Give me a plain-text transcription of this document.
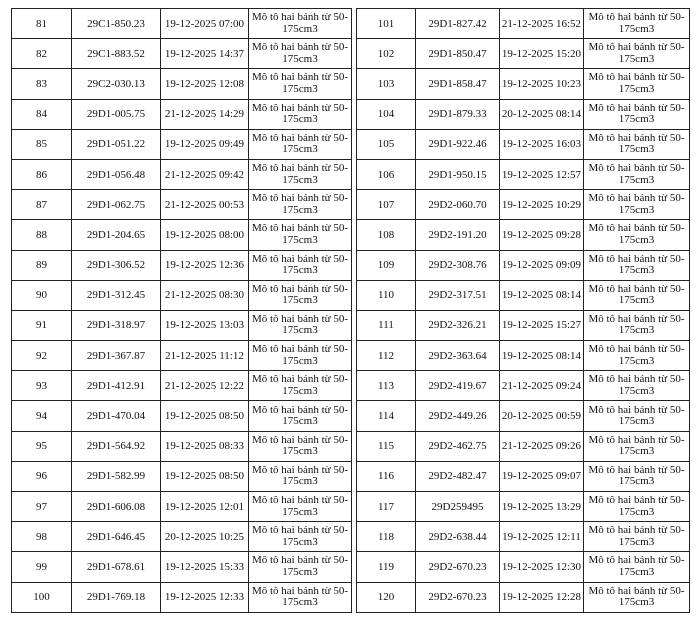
81	29C1-850.23	19-12-2025 07:00	Mô tô hai bánh từ 50-175cm3
82	29C1-883.52	19-12-2025 14:37	Mô tô hai bánh từ 50-175cm3
83	29C2-030.13	19-12-2025 12:08	Mô tô hai bánh từ 50-175cm3
84	29D1-005.75	21-12-2025 14:29	Mô tô hai bánh từ 50-175cm3
85	29D1-051.22	19-12-2025 09:49	Mô tô hai bánh từ 50-175cm3
86	29D1-056.48	21-12-2025 09:42	Mô tô hai bánh từ 50-175cm3
87	29D1-062.75	21-12-2025 00:53	Mô tô hai bánh từ 50-175cm3
88	29D1-204.65	19-12-2025 08:00	Mô tô hai bánh từ 50-175cm3
89	29D1-306.52	19-12-2025 12:36	Mô tô hai bánh từ 50-175cm3
90	29D1-312.45	21-12-2025 08:30	Mô tô hai bánh từ 50-175cm3
91	29D1-318.97	19-12-2025 13:03	Mô tô hai bánh từ 50-175cm3
92	29D1-367.87	21-12-2025 11:12	Mô tô hai bánh từ 50-175cm3
93	29D1-412.91	21-12-2025 12:22	Mô tô hai bánh từ 50-175cm3
94	29D1-470.04	19-12-2025 08:50	Mô tô hai bánh từ 50-175cm3
95	29D1-564.92	19-12-2025 08:33	Mô tô hai bánh từ 50-175cm3
96	29D1-582.99	19-12-2025 08:50	Mô tô hai bánh từ 50-175cm3
97	29D1-606.08	19-12-2025 12:01	Mô tô hai bánh từ 50-175cm3
98	29D1-646.45	20-12-2025 10:25	Mô tô hai bánh từ 50-175cm3
99	29D1-678.61	19-12-2025 15:33	Mô tô hai bánh từ 50-175cm3
100	29D1-769.18	19-12-2025 12:33	Mô tô hai bánh từ 50-175cm3
101	29D1-827.42	21-12-2025 16:52	Mô tô hai bánh từ 50-175cm3
102	29D1-850.47	19-12-2025 15:20	Mô tô hai bánh từ 50-175cm3
103	29D1-858.47	19-12-2025 10:23	Mô tô hai bánh từ 50-175cm3
104	29D1-879.33	20-12-2025 08:14	Mô tô hai bánh từ 50-175cm3
105	29D1-922.46	19-12-2025 16:03	Mô tô hai bánh từ 50-175cm3
106	29D1-950.15	19-12-2025 12:57	Mô tô hai bánh từ 50-175cm3
107	29D2-060.70	19-12-2025 10:29	Mô tô hai bánh từ 50-175cm3
108	29D2-191.20	19-12-2025 09:28	Mô tô hai bánh từ 50-175cm3
109	29D2-308.76	19-12-2025 09:09	Mô tô hai bánh từ 50-175cm3
110	29D2-317.51	19-12-2025 08:14	Mô tô hai bánh từ 50-175cm3
111	29D2-326.21	19-12-2025 15:27	Mô tô hai bánh từ 50-175cm3
112	29D2-363.64	19-12-2025 08:14	Mô tô hai bánh từ 50-175cm3
113	29D2-419.67	21-12-2025 09:24	Mô tô hai bánh từ 50-175cm3
114	29D2-449.26	20-12-2025 00:59	Mô tô hai bánh từ 50-175cm3
115	29D2-462.75	21-12-2025 09:26	Mô tô hai bánh từ 50-175cm3
116	29D2-482.47	19-12-2025 09:07	Mô tô hai bánh từ 50-175cm3
117	29D259495	19-12-2025 13:29	Mô tô hai bánh từ 50-175cm3
118	29D2-638.44	19-12-2025 12:11	Mô tô hai bánh từ 50-175cm3
119	29D2-670.23	19-12-2025 12:30	Mô tô hai bánh từ 50-175cm3
120	29D2-670.23	19-12-2025 12:28	Mô tô hai bánh từ 50-175cm3
